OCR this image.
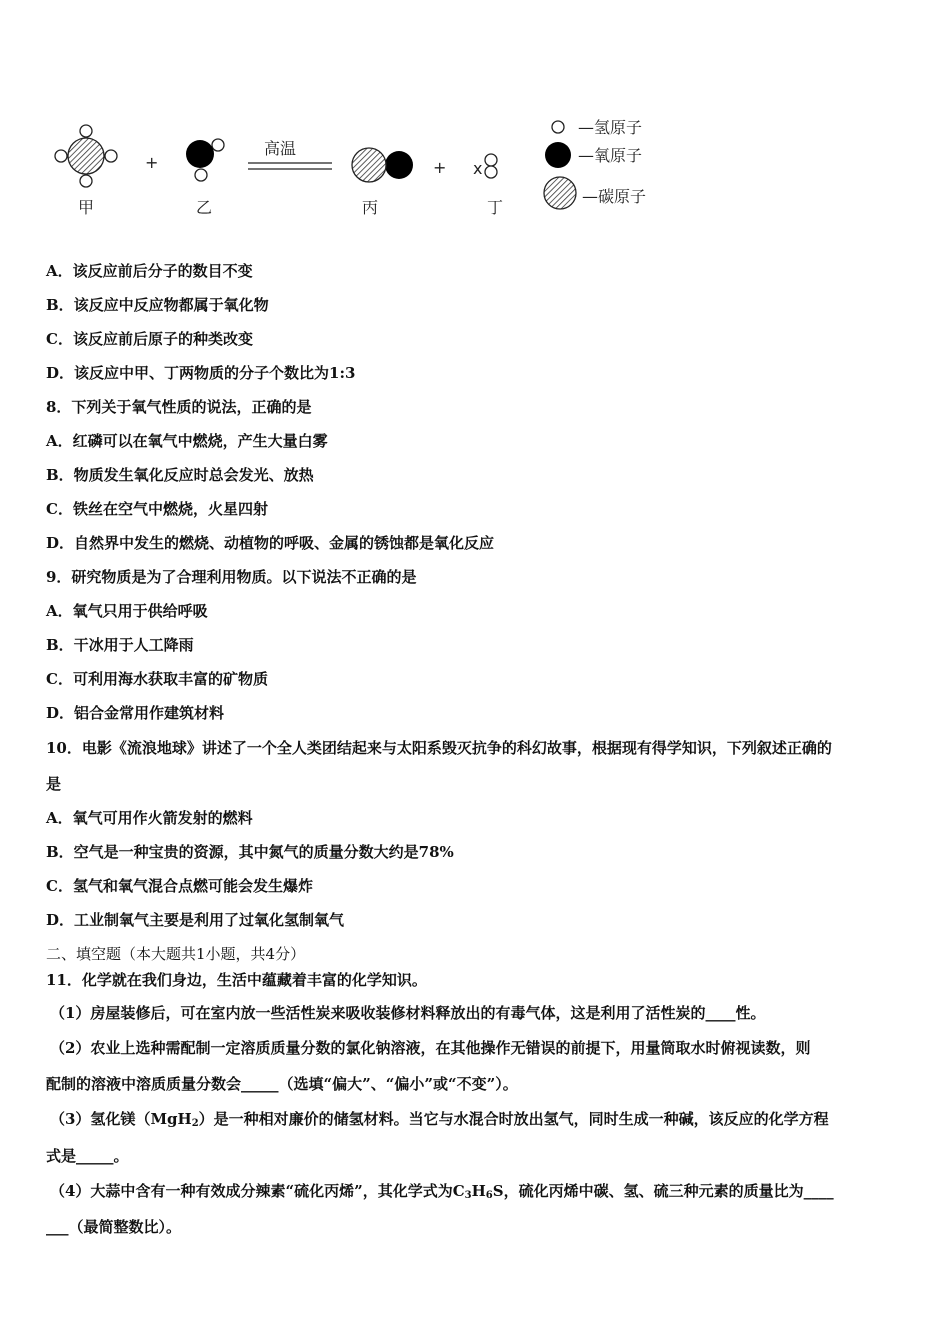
甲
+
乙
高温
丙
+ x
丁
—氢原子
—氧原子
—碳原子
A．该反应前后分子的数目不变
B．该反应中反应物都属于氧化物
C．该反应前后原子的种类改变
D．该反应中甲、丁两物质的分子个数比为1:3
8．下列关于氧气性质的说法，正确的是
A．红磷可以在氧气中燃烧，产生大量白雾
B．物质发生氧化反应时总会发光、放热
C．铁丝在空气中燃烧，火星四射
D．自然界中发生的燃烧、动植物的呼吸、金属的锈蚀都是氧化反应
9．研究物质是为了合理利用物质。以下说法不正确的是
A．氧气只用于供给呼吸
B．干冰用于人工降雨
C．可利用海水获取丰富的矿物质
D．铝合金常用作建筑材料
10．电影《流浪地球》讲述了一个全人类团结起来与太阳系毁灭抗争的科幻故事，根据现有得学知识，下列叙述正确的
是
A．氧气可用作火箭发射的燃料
B．空气是一种宝贵的资源，其中氮气的质量分数大约是78%
C．氢气和氧气混合点燃可能会发生爆炸
D．工业制氧气主要是利用了过氧化氢制氧气
二、填空题（本大题共1小题，共4分）
11．化学就在我们身边，生活中蕴藏着丰富的化学知识。
（1）房屋装修后，可在室内放一些活性炭来吸收装修材料释放出的有毒气体，这是利用了活性炭的____性。
（2）农业上选种需配制一定溶质质量分数的氯化钠溶液，在其他操作无错误的前提下，用量筒取水时俯视读数，则
配制的溶液中溶质质量分数会_____（选填“偏大”、“偏小”或“不变”）。
（3）氢化镁（MgH$_2$）是一种相对廉价的储氢材料。当它与水混合时放出氢气，同时生成一种碱，该反应的化学方程
式是_____。
（4）大蒜中含有一种有效成分辣素“硫化丙烯”，其化学式为$C_3H_6S$，硫化丙烯中碳、氢、硫三种元素的质量比为____
___（最简整数比）。
